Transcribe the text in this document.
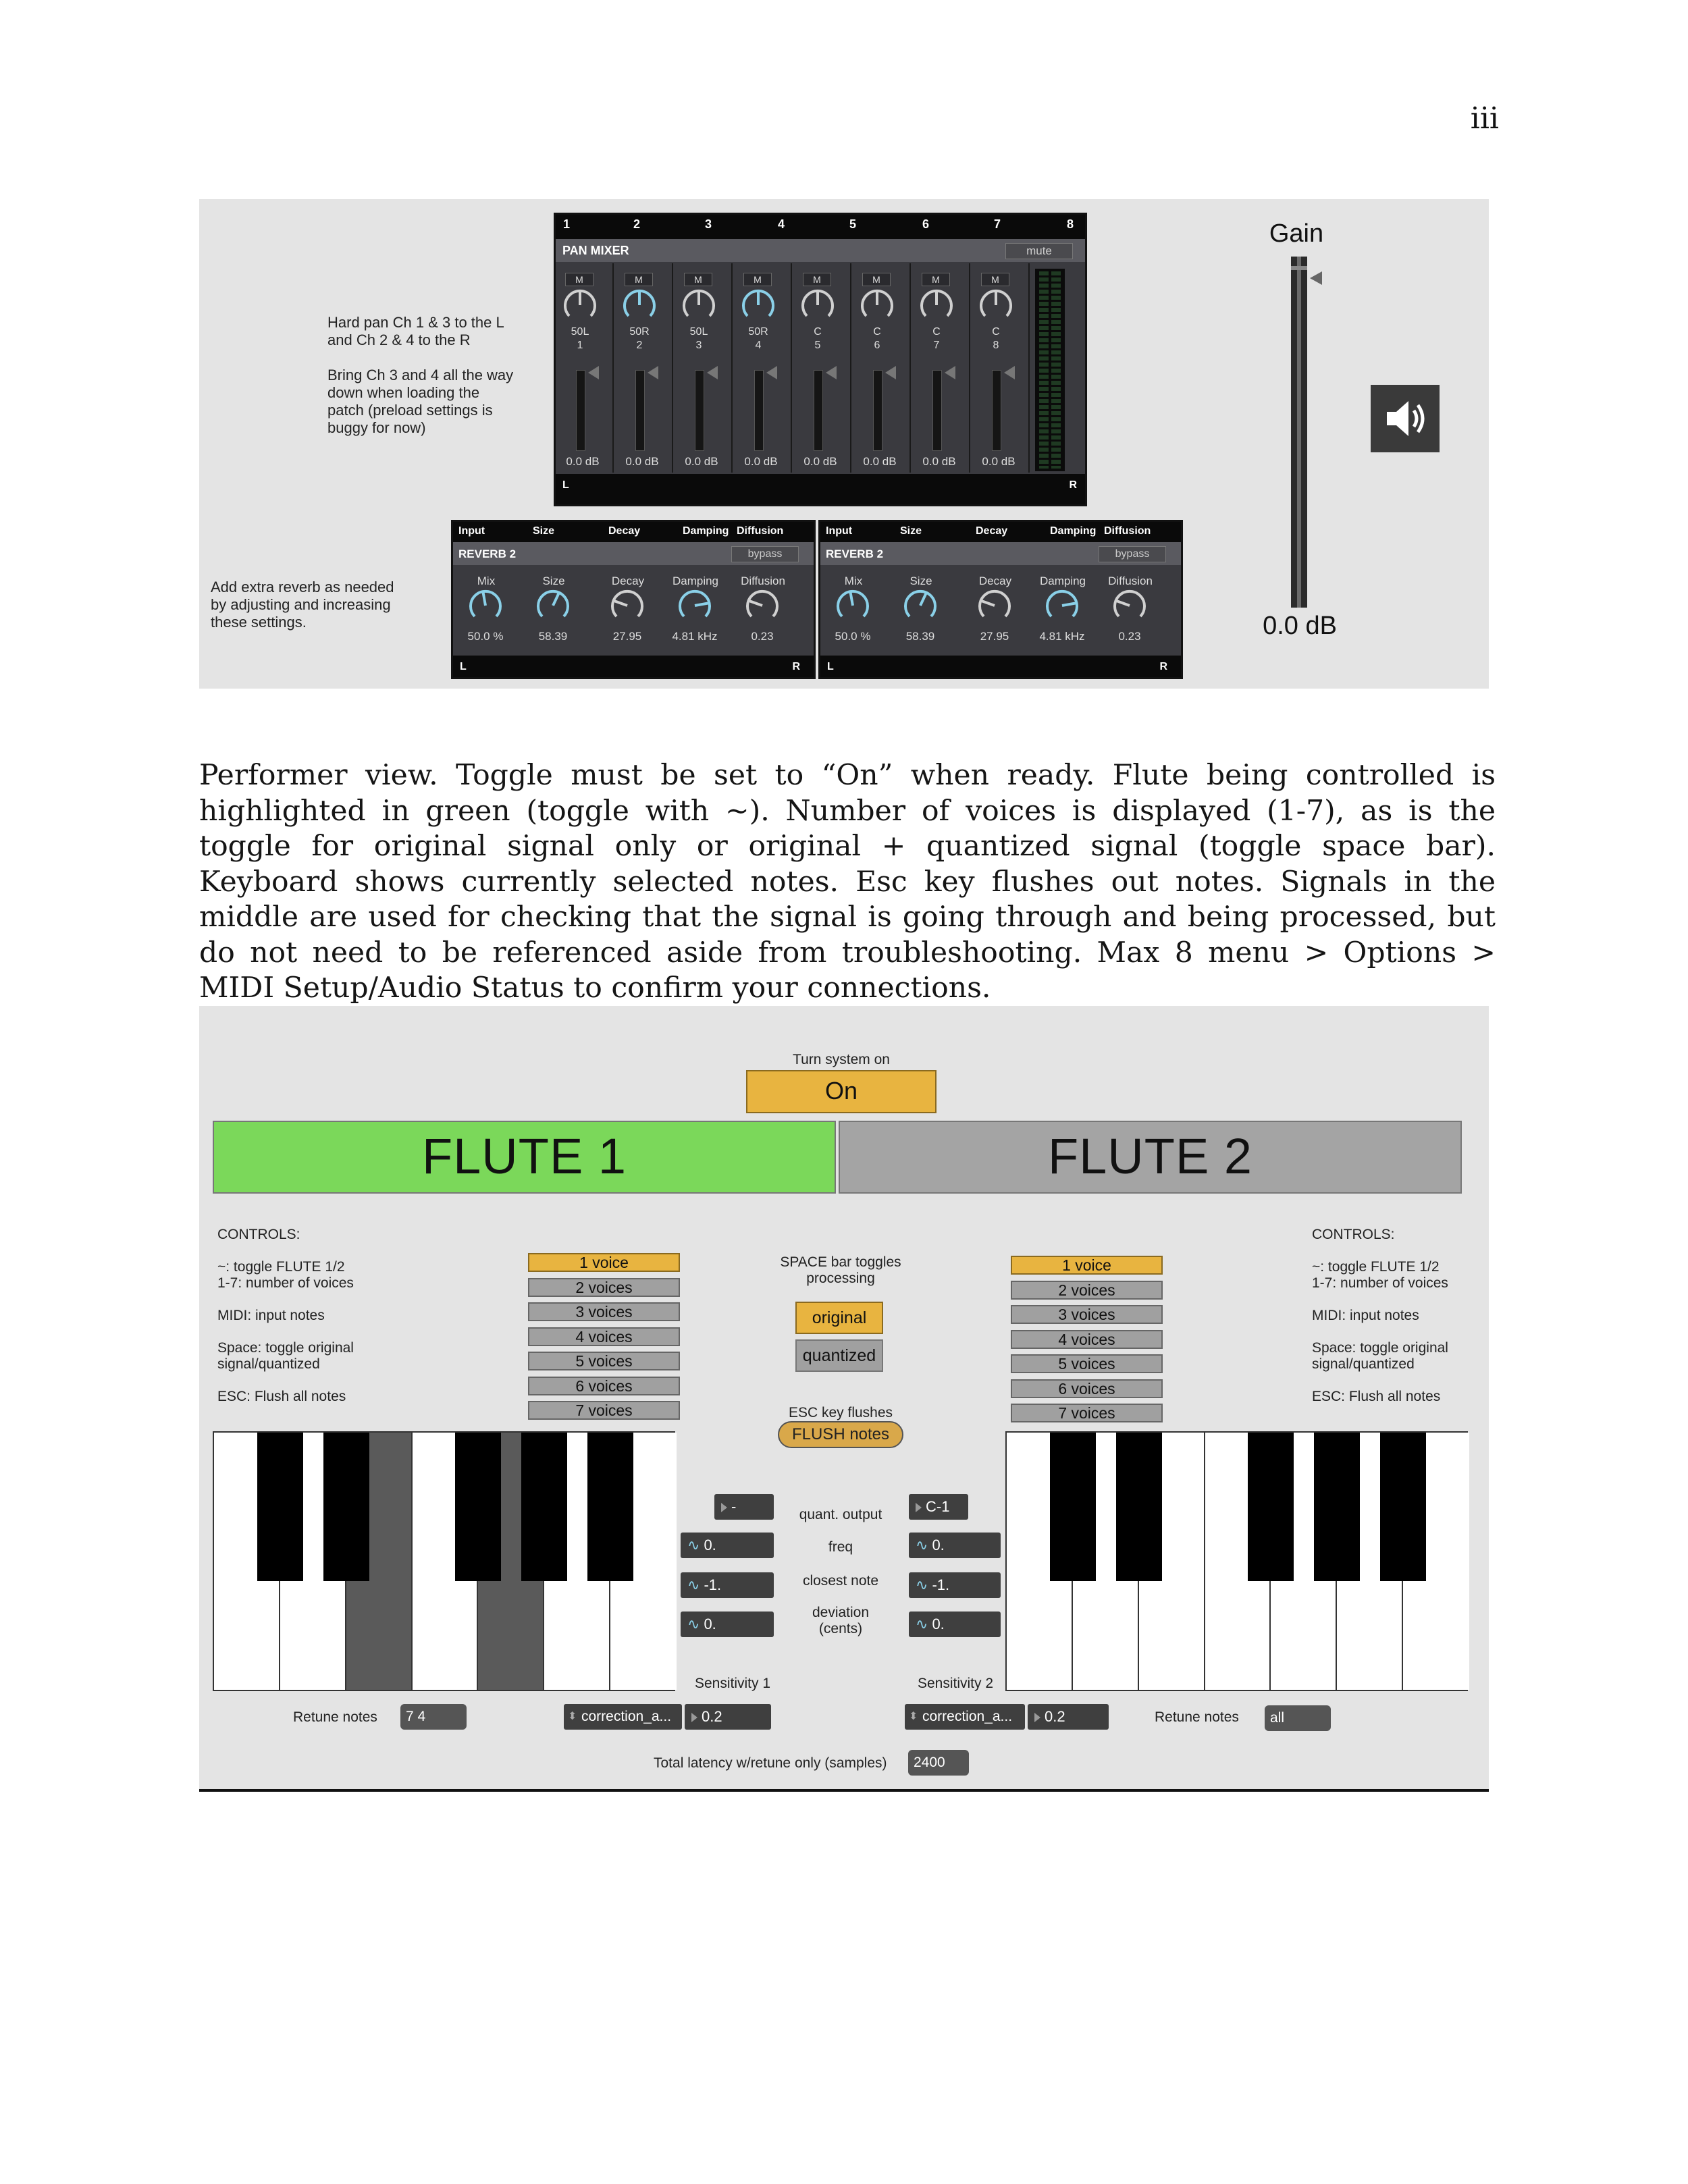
iii
Hard pan Ch 1 & 3 to the L
and Ch 2 & 4 to the R
Bring Ch 3 and 4 all the way
down when loading the
patch (preload settings is
buggy for now)
Add extra reverb as needed
by adjusting and increasing
these settings.
1	2	3	4	5	6	7	8
PAN MIXER	mute
M
50L
1
0.0 dB
M
50R
2
0.0 dB
M
50L
3
0.0 dB
M
50R
4
0.0 dB
M
C
5
0.0 dB
M
C
6
0.0 dB
M
C
7
0.0 dB
M
C
8
0.0 dB
L	R
Input	Size	Decay	Damping Diffusion
REVERB 2	bypass
Mix
50.0 %
Size
58.39
Decay
27.95
Damping
4.81 kHz
Diffusion
0.23
L	R
Input	Size	Decay	Damping Diffusion
REVERB 2	bypass
Mix
50.0 %
Size
58.39
Decay
27.95
Damping
4.81 kHz
Diffusion
0.23
L	R
Gain
0.0 dB
Performer view. Toggle must be set to “On” when ready. Flute being controlled is highlighted in green (toggle with ~). Number of voices is displayed (1-7), as is the toggle for original signal only or original + quantized signal (toggle space bar). Keyboard shows currently selected notes. Esc key flushes out notes. Signals in the middle are used for checking that the signal is going through and being processed, but do not need to be referenced aside from troubleshooting. Max 8 menu > Options > MIDI Setup/Audio Status to confirm your connections.
Turn system on
On
FLUTE 1	FLUTE 2
CONTROLS:
~: toggle FLUTE 1/2
1-7: number of voices
MIDI: input notes
Space: toggle original
signal/quantized
ESC: Flush all notes
CONTROLS:
~: toggle FLUTE 1/2
1-7: number of voices
MIDI: input notes
Space: toggle original
signal/quantized
ESC: Flush all notes
1 voice
2 voices
3 voices
4 voices
5 voices
6 voices
7 voices
1 voice
2 voices
3 voices
4 voices
5 voices
6 voices
7 voices
SPACE bar toggles
processing
original
quantized
ESC key flushes
FLUSH notes
-
∿ 0.
∿ -1.
∿ 0.
C-1
∿ 0.
∿ -1.
∿ 0.
quant. output
freq
closest note
deviation
(cents)
Sensitivity 1	Sensitivity 2
⬍ correction_a...	0.2
⬍	correction_a...	0.2
Retune notes	7 4	Retune notes	all
Total latency w/retune only (samples)	2400
